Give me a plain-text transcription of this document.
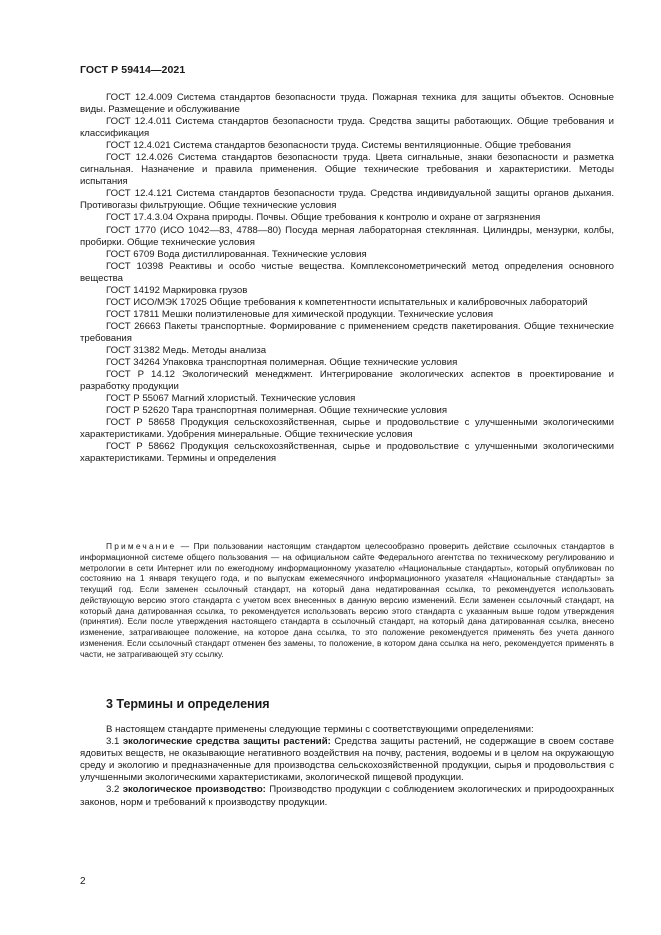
ГОСТ Р 59414—2021

ГОСТ 12.4.009 Система стандартов безопасности труда. Пожарная техника для защиты объектов. Основные виды. Размещение и обслуживание

ГОСТ 12.4.011 Система стандартов безопасности труда. Средства защиты работающих. Общие требования и классификация

ГОСТ 12.4.021 Система стандартов безопасности труда. Системы вентиляционные. Общие требования

ГОСТ 12.4.026 Система стандартов безопасности труда. Цвета сигнальные, знаки безопасности и разметка сигнальная. Назначение и правила применения. Общие технические требования и характеристики. Методы испытания

ГОСТ 12.4.121 Система стандартов безопасности труда. Средства индивидуальной защиты органов дыхания. Противогазы фильтрующие. Общие технические условия

ГОСТ 17.4.3.04 Охрана природы. Почвы. Общие требования к контролю и охране от загрязнения

ГОСТ 1770 (ИСО 1042—83, 4788—80) Посуда мерная лабораторная стеклянная. Цилиндры, мензурки, колбы, пробирки. Общие технические условия

ГОСТ 6709 Вода дистиллированная. Технические условия

ГОСТ 10398 Реактивы и особо чистые вещества. Комплексонометрический метод определения основного вещества

ГОСТ 14192 Маркировка грузов

ГОСТ ИСО/МЭК 17025 Общие требования к компетентности испытательных и калибровочных лабораторий

ГОСТ 17811 Мешки полиэтиленовые для химической продукции. Технические условия

ГОСТ 26663 Пакеты транспортные. Формирование с применением средств пакетирования. Общие технические требования

ГОСТ 31382 Медь. Методы анализа

ГОСТ 34264 Упаковка транспортная полимерная. Общие технические условия

ГОСТ Р 14.12 Экологический менеджмент. Интегрирование экологических аспектов в проектирование и разработку продукции

ГОСТ Р 55067 Магний хлористый. Технические условия

ГОСТ Р 52620 Тара транспортная полимерная. Общие технические условия

ГОСТ Р 58658 Продукция сельскохозяйственная, сырье и продовольствие с улучшенными экологическими характеристиками. Удобрения минеральные. Общие технические условия

ГОСТ Р 58662 Продукция сельскохозяйственная, сырье и продовольствие с улучшенными экологическими характеристиками. Термины и определения

Примечание — При пользовании настоящим стандартом целесообразно проверить действие ссылочных стандартов в информационной системе общего пользования — на официальном сайте Федерального агентства по техническому регулированию и метрологии в сети Интернет или по ежегодному информационному указателю «Национальные стандарты», который опубликован по состоянию на 1 января текущего года, и по выпускам ежемесячного информационного указателя «Национальные стандарты» за текущий год. Если заменен ссылочный стандарт, на который дана недатированная ссылка, то рекомендуется использовать действующую версию этого стандарта с учетом всех внесенных в данную версию изменений. Если заменен ссылочный стандарт, на который дана датированная ссылка, то рекомендуется использовать версию этого стандарта с указанным выше годом утверждения (принятия). Если после утверждения настоящего стандарта в ссылочный стандарт, на который дана датированная ссылка, внесено изменение, затрагивающее положение, на которое дана ссылка, то это положение рекомендуется применять без учета данного изменения. Если ссылочный стандарт отменен без замены, то положение, в котором дана ссылка на него, рекомендуется применять в части, не затрагивающей эту ссылку.

3 Термины и определения

В настоящем стандарте применены следующие термины с соответствующими определениями:

3.1 экологические средства защиты растений: Средства защиты растений, не содержащие в своем составе ядовитых веществ, не оказывающие негативного воздействия на почву, растения, водоемы и в целом на окружающую среду и экологию и предназначенные для производства сельскохозяйственной продукции, сырья и продовольствия с улучшенными экологическими характеристиками, экологической пищевой продукции.

3.2 экологическое производство: Производство продукции с соблюдением экологических и природоохранных законов, норм и требований к производству продукции.

2
